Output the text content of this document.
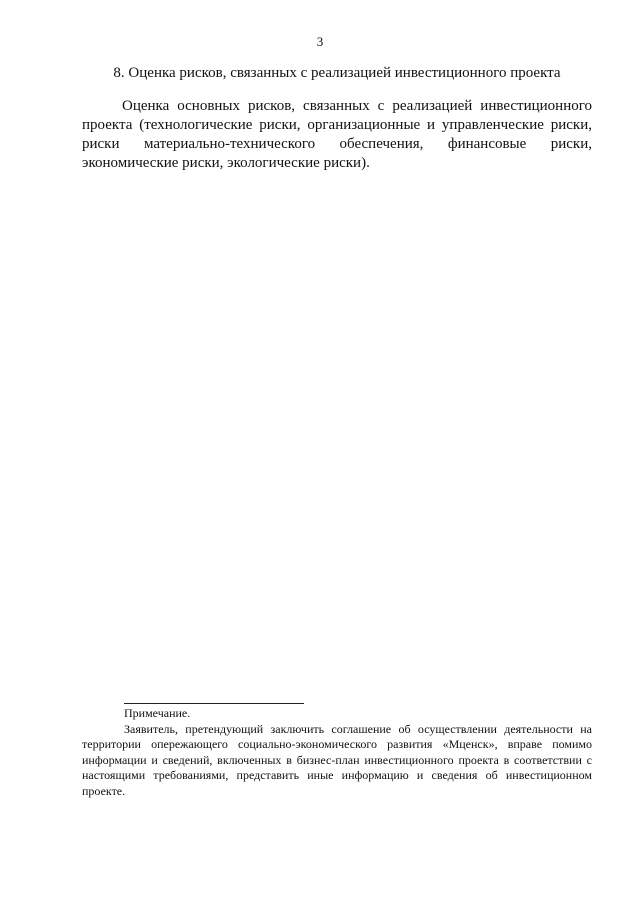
3
8. Оценка рисков, связанных с реализацией инвестиционного проекта

Оценка основных рисков, связанных с реализацией инвестиционного проекта (технологические риски, организационные и управленческие риски, риски материально-технического обеспечения, финансовые риски, экономические риски, экологические риски).

Примечание.

Заявитель, претендующий заключить соглашение об осуществлении деятельности на территории опережающего социально-экономического развития «Мценск», вправе помимо информации и сведений, включенных в бизнес-план инвестиционного проекта в соответствии с настоящими требованиями, представить иные информацию и сведения об инвестиционном проекте.
